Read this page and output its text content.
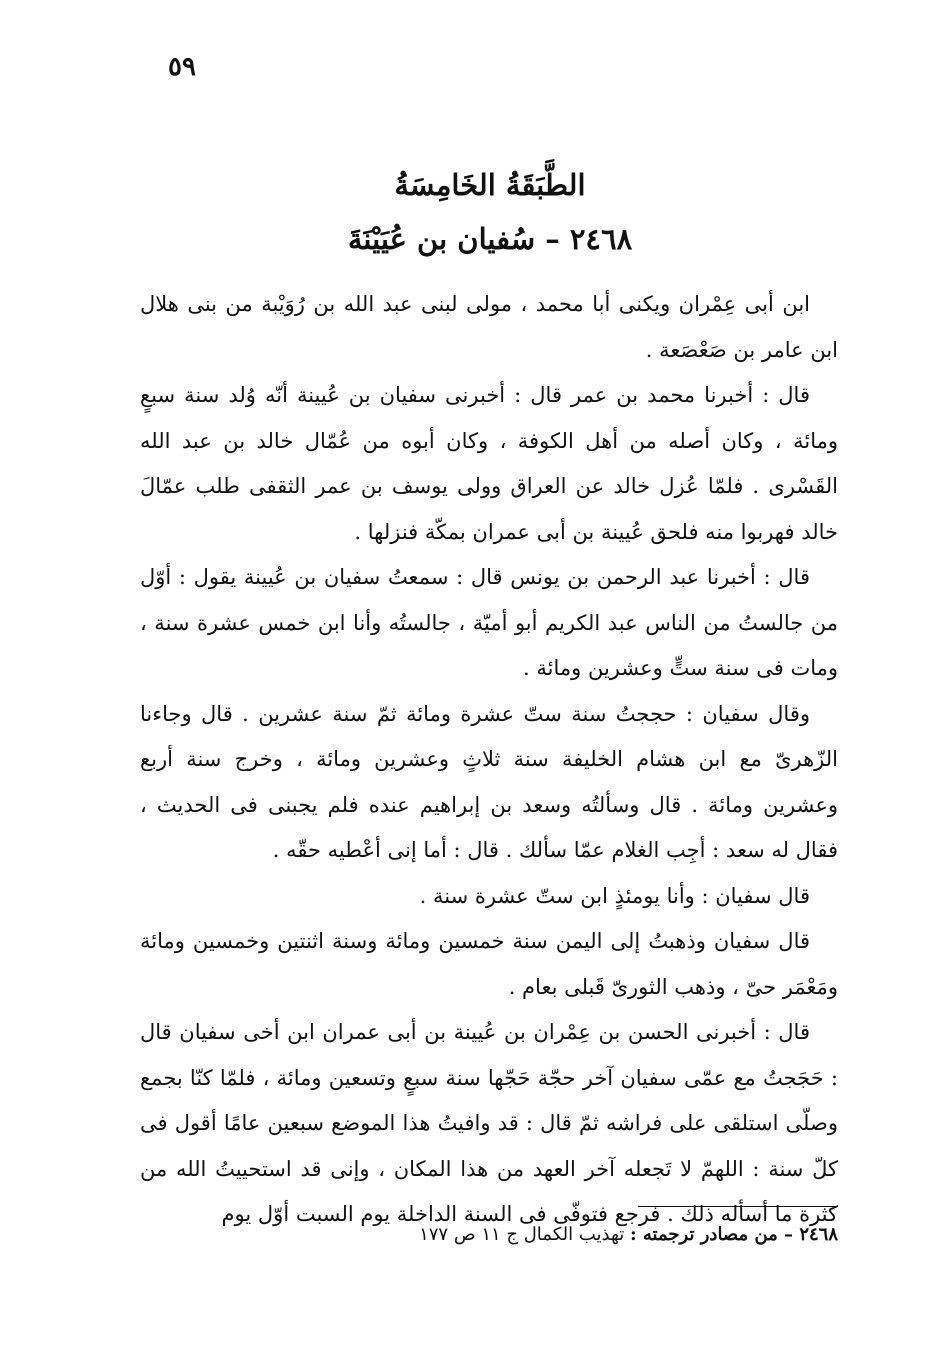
٥٩
الطَّبَقَةُ الخَامِسَةُ
٢٤٦٨ – سُفيان بن عُيَيْنَةَ

ابن أبى عِمْران ويكنى أبا محمد ، مولى لبنى عبد الله بن رُوَيْبة من بنى هلال ابن عامر بن صَعْصَعة .

قال : أخبرنا محمد بن عمر قال : أخبرنى سفيان بن عُيينة أنّه وُلد سنة سبعٍ ومائة ، وكان أصله من أهل الكوفة ، وكان أبوه من عُمّال خالد بن عبد الله القَسْرى . فلمّا عُزل خالد عن العراق وولى يوسف بن عمر الثقفى طلب عمّالَ خالد فهربوا منه فلحق عُيينة بن أبى عمران بمكّة فنزلها .

قال : أخبرنا عبد الرحمن بن يونس قال : سمعتُ سفيان بن عُيينة يقول : أوّل من جالستُ من الناس عبد الكريم أبو أميّة ، جالستُه وأنا ابن خمس عشرة سنة ، ومات فى سنة ستٍّ وعشرين ومائة .

وقال سفيان : حججتُ سنة ستّ عشرة ومائة ثمّ سنة عشرين . قال وجاءنا الزّهرىّ مع ابن هشام الخليفة سنة ثلاثٍ وعشرين ومائة ، وخرج سنة أربع وعشرين ومائة . قال وسألتُه وسعد بن إبراهيم عنده فلم يجبنى فى الحديث ، فقال له سعد : أجِب الغلام عمّا سألك . قال : أما إنى أعْطيه حقّه .

قال سفيان : وأنا يومئذٍ ابن ستّ عشرة سنة .

قال سفيان وذهبتُ إلى اليمن سنة خمسين ومائة وسنة اثنتين وخمسين ومائة ومَعْمَر حىّ ، وذهب الثورىّ قَبلى بعام .

قال : أخبرنى الحسن بن عِمْران بن عُيينة بن أبى عمران ابن أخى سفيان قال : حَجَجتُ مع عمّى سفيان آخر حجّة حَجّها سنة سبعٍ وتسعين ومائة ، فلمّا كنّا بجمع وصلّى استلقى على فراشه ثمّ قال : قد وافيتُ هذا الموضع سبعين عامًا أقول فى كلّ سنة : اللهمّ لا تَجعله آخر العهد من هذا المكان ، وإنى قد استحييتُ الله من كثرة ما أسأله ذلك . فرجع فتوفّى فى السنة الداخلة يوم السبت أوّل يوم

٢٤٦٨ – من مصادر ترجمته : تهذيب الكمال ج ١١ ص ١٧٧
